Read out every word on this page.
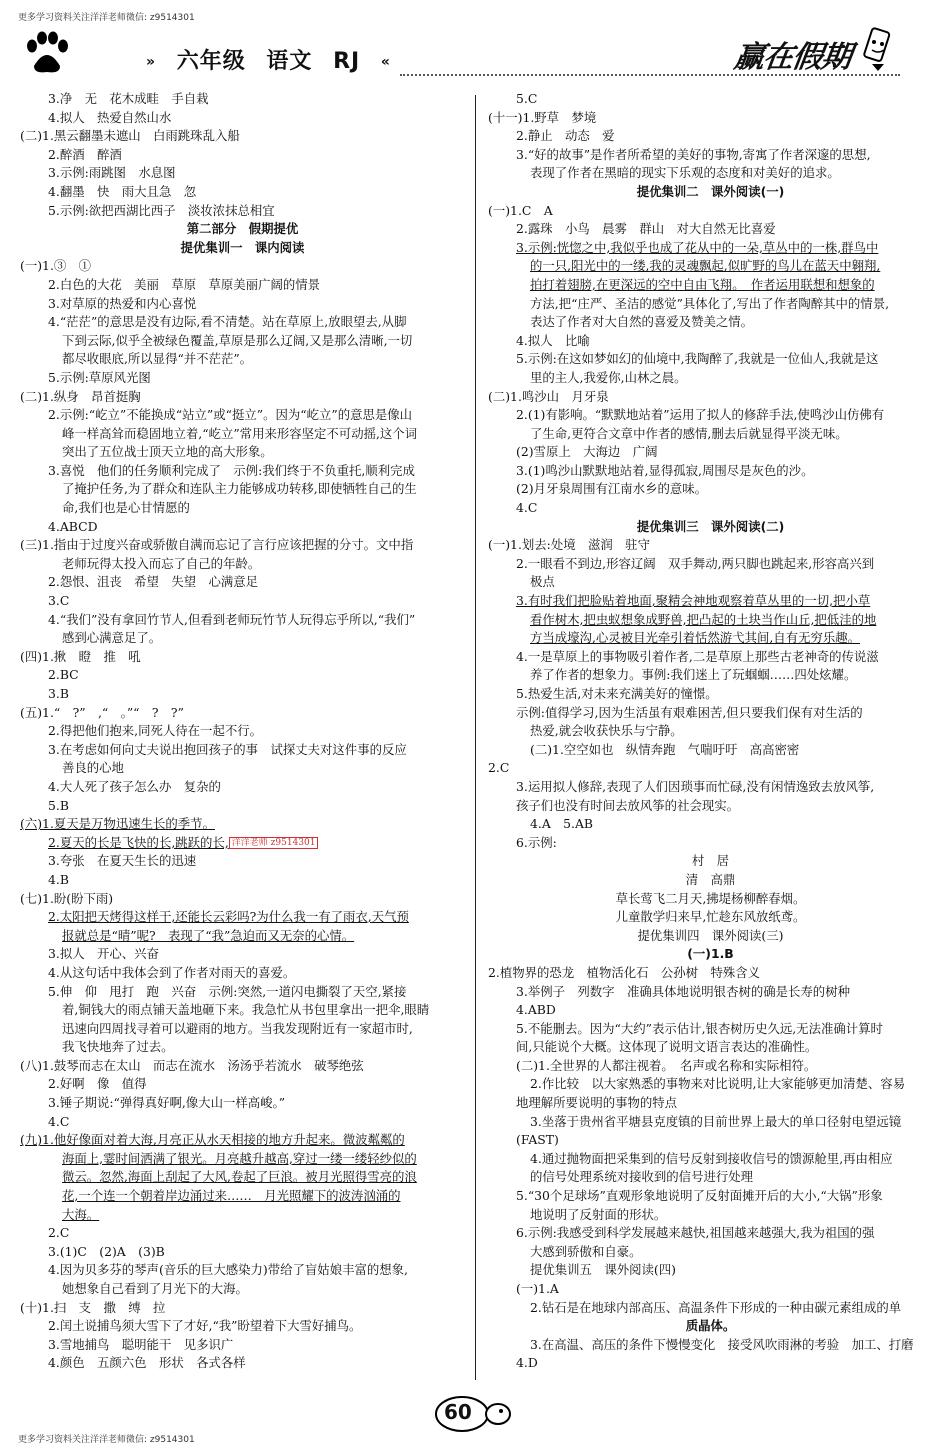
更多学习资料关注洋洋老师微信: z9514301
» 六年级 语文 RJ «	赢在假期
3.净　无　花木成畦　手自栽
4.拟人　热爱自然山水
(二)1.黑云翻墨未遮山　白雨跳珠乱入船
2.醉酒　醉酒
3.示例:雨跳图　水息图
4.翻墨　快　雨大且急　忽
5.示例:欲把西湖比西子　淡妆浓抹总相宜
第二部分　假期提优
提优集训一　课内阅读
(一)1.③　①
2.白色的大花　美丽　草原　草原美丽广阔的情景
3.对草原的热爱和内心喜悦
4.“茫茫”的意思是没有边际,看不清楚。站在草原上,放眼望去,从脚
下到云际,似乎全被绿色覆盖,草原是那么辽阔,又是那么清晰,一切
都尽收眼底,所以显得“并不茫茫”。
5.示例:草原风光图
(二)1.纵身　昂首挺胸
2.示例:“屹立”不能换成“站立”或“挺立”。因为“屹立”的意思是像山
峰一样高耸而稳固地立着,“屹立”常用来形容坚定不可动摇,这个词
突出了五位战士顶天立地的高大形象。
3.喜悦　他们的任务顺利完成了　示例:我们终于不负重托,顺利完成
了掩护任务,为了群众和连队主力能够成功转移,即使牺牲自己的生
命,我们也是心甘情愿的
4.ABCD
(三)1.指由于过度兴奋或骄傲自满而忘记了言行应该把握的分寸。文中指
老师玩得太投入而忘了自己的年龄。
2.怨恨、沮丧　希望　失望　心满意足
3.C
4.“我们”没有拿回竹节人,但看到老师玩竹节人玩得忘乎所以,“我们”
感到心满意足了。
(四)1.揪　瞪　推　吼
2.BC
3.B
(五)1.“　?”　,“　。”“　?　?”
2.得把他们抱来,同死人待在一起不行。
3.在考虑如何向丈夫说出抱回孩子的事　试探丈夫对这件事的反应
善良的心地
4.大人死了孩子怎么办　复杂的
5.B
(六)1.夏天是万物迅速生长的季节。
2.夏天的长是飞快的长,跳跃的长, 洋洋老师 z9514301
3.夸张　在夏天生长的迅速
4.B
(七)1.盼(盼下雨)
2.太阳把天烤得这样干,还能长云彩吗?为什么我一有了雨衣,天气预
报就总是“晴”呢?　表现了“我”急迫而又无奈的心情。
3.拟人　开心、兴奋
4.从这句话中我体会到了作者对雨天的喜爱。
5.伸　仰　甩打　跑　兴奋　示例:突然,一道闪电撕裂了天空,紧接
着,铜钱大的雨点铺天盖地砸下来。我急忙从书包里拿出一把伞,眼睛
迅速向四周找寻着可以避雨的地方。当我发现附近有一家超市时,
我飞快地奔了过去。
(八)1.鼓琴而志在太山　而志在流水　汤汤乎若流水　破琴绝弦
2.好啊　像　值得
3.锤子期说:“弹得真好啊,像大山一样高峻。”
4.C
(九)1.他好像面对着大海,月亮正从水天相接的地方升起来。微波粼粼的
海面上,霎时间洒满了银光。月亮越升越高,穿过一缕一缕轻纱似的
微云。忽然,海面上刮起了大风,卷起了巨浪。被月光照得雪亮的浪
花,一个连一个朝着岸边涌过来……　月光照耀下的波涛汹涌的
大海。
2.C
3.(1)C　(2)A　(3)B
4.因为贝多芬的琴声(音乐的巨大感染力)带给了盲姑娘丰富的想象,
她想象自己看到了月光下的大海。
(十)1.扫　支　撒　缚　拉
2.闰土说捕鸟须大雪下了才好,“我”盼望着下大雪好捕鸟。
3.雪地捕鸟　聪明能干　见多识广
4.颜色　五颜六色　形状　各式各样
5.C
(十一)1.野草　梦境
2.静止　动态　爱
3.“好的故事”是作者所希望的美好的事物,寄寓了作者深邃的思想,
表现了作者在黑暗的现实下乐观的态度和对美好的追求。
提优集训二　课外阅读(一)
(一)1.C　A
2.露珠　小鸟　晨雾　群山　对大自然无比喜爱
3.示例:恍惚之中,我似乎也成了花从中的一朵,草丛中的一株,群鸟中
的一只,阳光中的一缕,我的灵魂飘起,似旷野的鸟儿在蓝天中翱翔,
拍打着翅膀,在更深远的空中自由飞翔。　作者运用联想和想象的
方法,把“庄严、圣洁的感觉”具体化了,写出了作者陶醉其中的情景,
表达了作者对大自然的喜爱及赞美之情。
4.拟人　比喻
5.示例:在这如梦如幻的仙境中,我陶醉了,我就是一位仙人,我就是这
里的主人,我爱你,山林之晨。
(二)1.鸣沙山　月牙泉
2.(1)有影响。“默默地站着”运用了拟人的修辞手法,使鸣沙山仿佛有
了生命,更符合文章中作者的感情,删去后就显得平淡无味。
(2)雪原上　大海边　广阔
3.(1)鸣沙山默默地站着,显得孤寂,周围尽是灰色的沙。
(2)月牙泉周围有江南水乡的意味。
4.C
提优集训三　课外阅读(二)
(一)1.划去:处境　滋润　驻守
2.一眼看不到边,形容辽阔　双手舞动,两只脚也跳起来,形容高兴到
极点
3.有时我们把脸贴着地面,聚精会神地观察着草丛里的一切,把小草
看作树木,把虫蚁想象成野兽,把凸起的土块当作山丘,把低洼的地
方当成壕沟,心灵被目光牵引着恬然游弋其间,自有无穷乐趣。
4.一是草原上的事物吸引着作者,二是草原上那些古老神奇的传说滋
养了作者的想象力。事例:我们迷上了玩蝈蝈……四处炫耀。
5.热爱生活,对未来充满美好的憧憬。
示例:值得学习,因为生活虽有艰难困苦,但只要我们保有对生活的
热爱,就会收获快乐与宁静。
(二)1.空空如也　纵情奔跑　气喘吁吁　高高密密
2.C
3.运用拟人修辞,表现了人们因琐事而忙碌,没有闲情逸致去放风筝,
孩子们也没有时间去放风筝的社会现实。
4.A　5.AB
6.示例:
村　居
清　高鼎
草长莺飞二月天,拂堤杨柳醉春烟。
儿童散学归来早,忙趁东风放纸鸢。
提优集训四　课外阅读(三)
(一)1.B
2.植物界的恐龙　植物活化石　公孙树　特殊含义
3.举例子　列数字　准确具体地说明银杏树的确是长寿的树种
4.ABD
5.不能删去。因为“大约”表示估计,银杏树历史久远,无法准确计算时
间,只能说个大概。这体现了说明文语言表达的准确性。
(二)1.全世界的人都注视着。　名声或名称和实际相符。
2.作比较　以大家熟悉的事物来对比说明,让大家能够更加清楚、容易
地理解所要说明的事物的特点
3.坐落于贵州省平塘县克度镇的目前世界上最大的单口径射电望远镜
(FAST)
4.通过抛物面把采集到的信号反射到接收信号的馈源舱里,再由相应
的信号处理系统对接收到的信号进行处理
5.“30个足球场”直观形象地说明了反射面摊开后的大小,“大锅”形象
地说明了反射面的形状。
6.示例:我感受到科学发展越来越快,祖国越来越强大,我为祖国的强
大感到骄傲和自豪。
提优集训五　课外阅读(四)
(一)1.A
2.钻石是在地球内部高压、高温条件下形成的一种由碳元素组成的单
质晶体。
3.在高温、高压的条件下慢慢变化　接受风吹雨淋的考验　加工、打磨
4.D
60
更多学习资料关注洋洋老师微信: z9514301
